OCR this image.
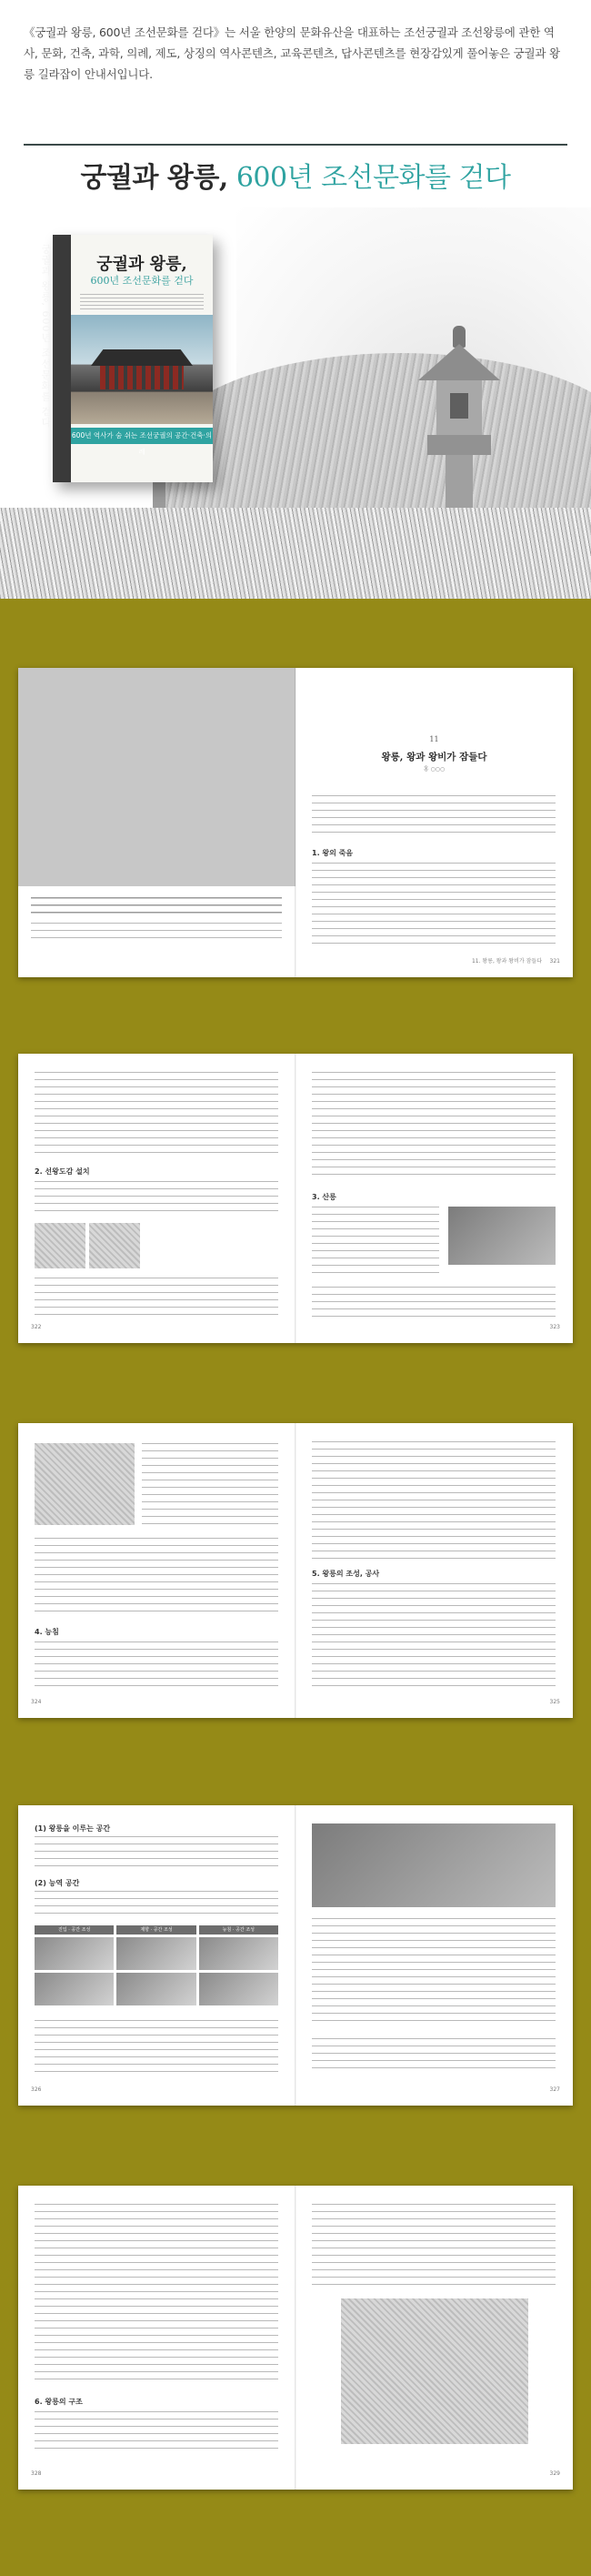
《궁궐과 왕릉, 600년 조선문화를 걷다》는 서울 한양의 문화유산을 대표하는 조선궁궐과 조선왕릉에 관한 역사, 문화, 건축, 과학, 의례, 제도, 상징의 역사콘텐츠, 교육콘텐츠, 답사콘텐츠를 현장감있게 풀어놓은 궁궐과 왕릉 길라잡이 안내서입니다.

궁궐과 왕릉, 600년 조선문화를 걷다
궁궐과 왕릉,
600년 조선문화를 걷다
600년 역사가 숨 쉬는 조선궁궐의 공간·건축·의례
궁궐과 왕릉, 600년 조선문화를 걷다
11
왕릉, 왕과 왕비가 잠들다
홍 ○○○
1. 왕의 죽음
11. 왕릉, 왕과 왕비가 잠들다 321
2. 선왕도감 설치
322
3. 산릉
323
4. 능침
324
5. 왕릉의 조성, 공사
325
(1) 왕릉을 이루는 공간
(2) 능역 공간
진입 · 공간 조성	제향 · 공간 조성	능침 · 공간 조성
326	327
6. 왕릉의 구조
328	329
